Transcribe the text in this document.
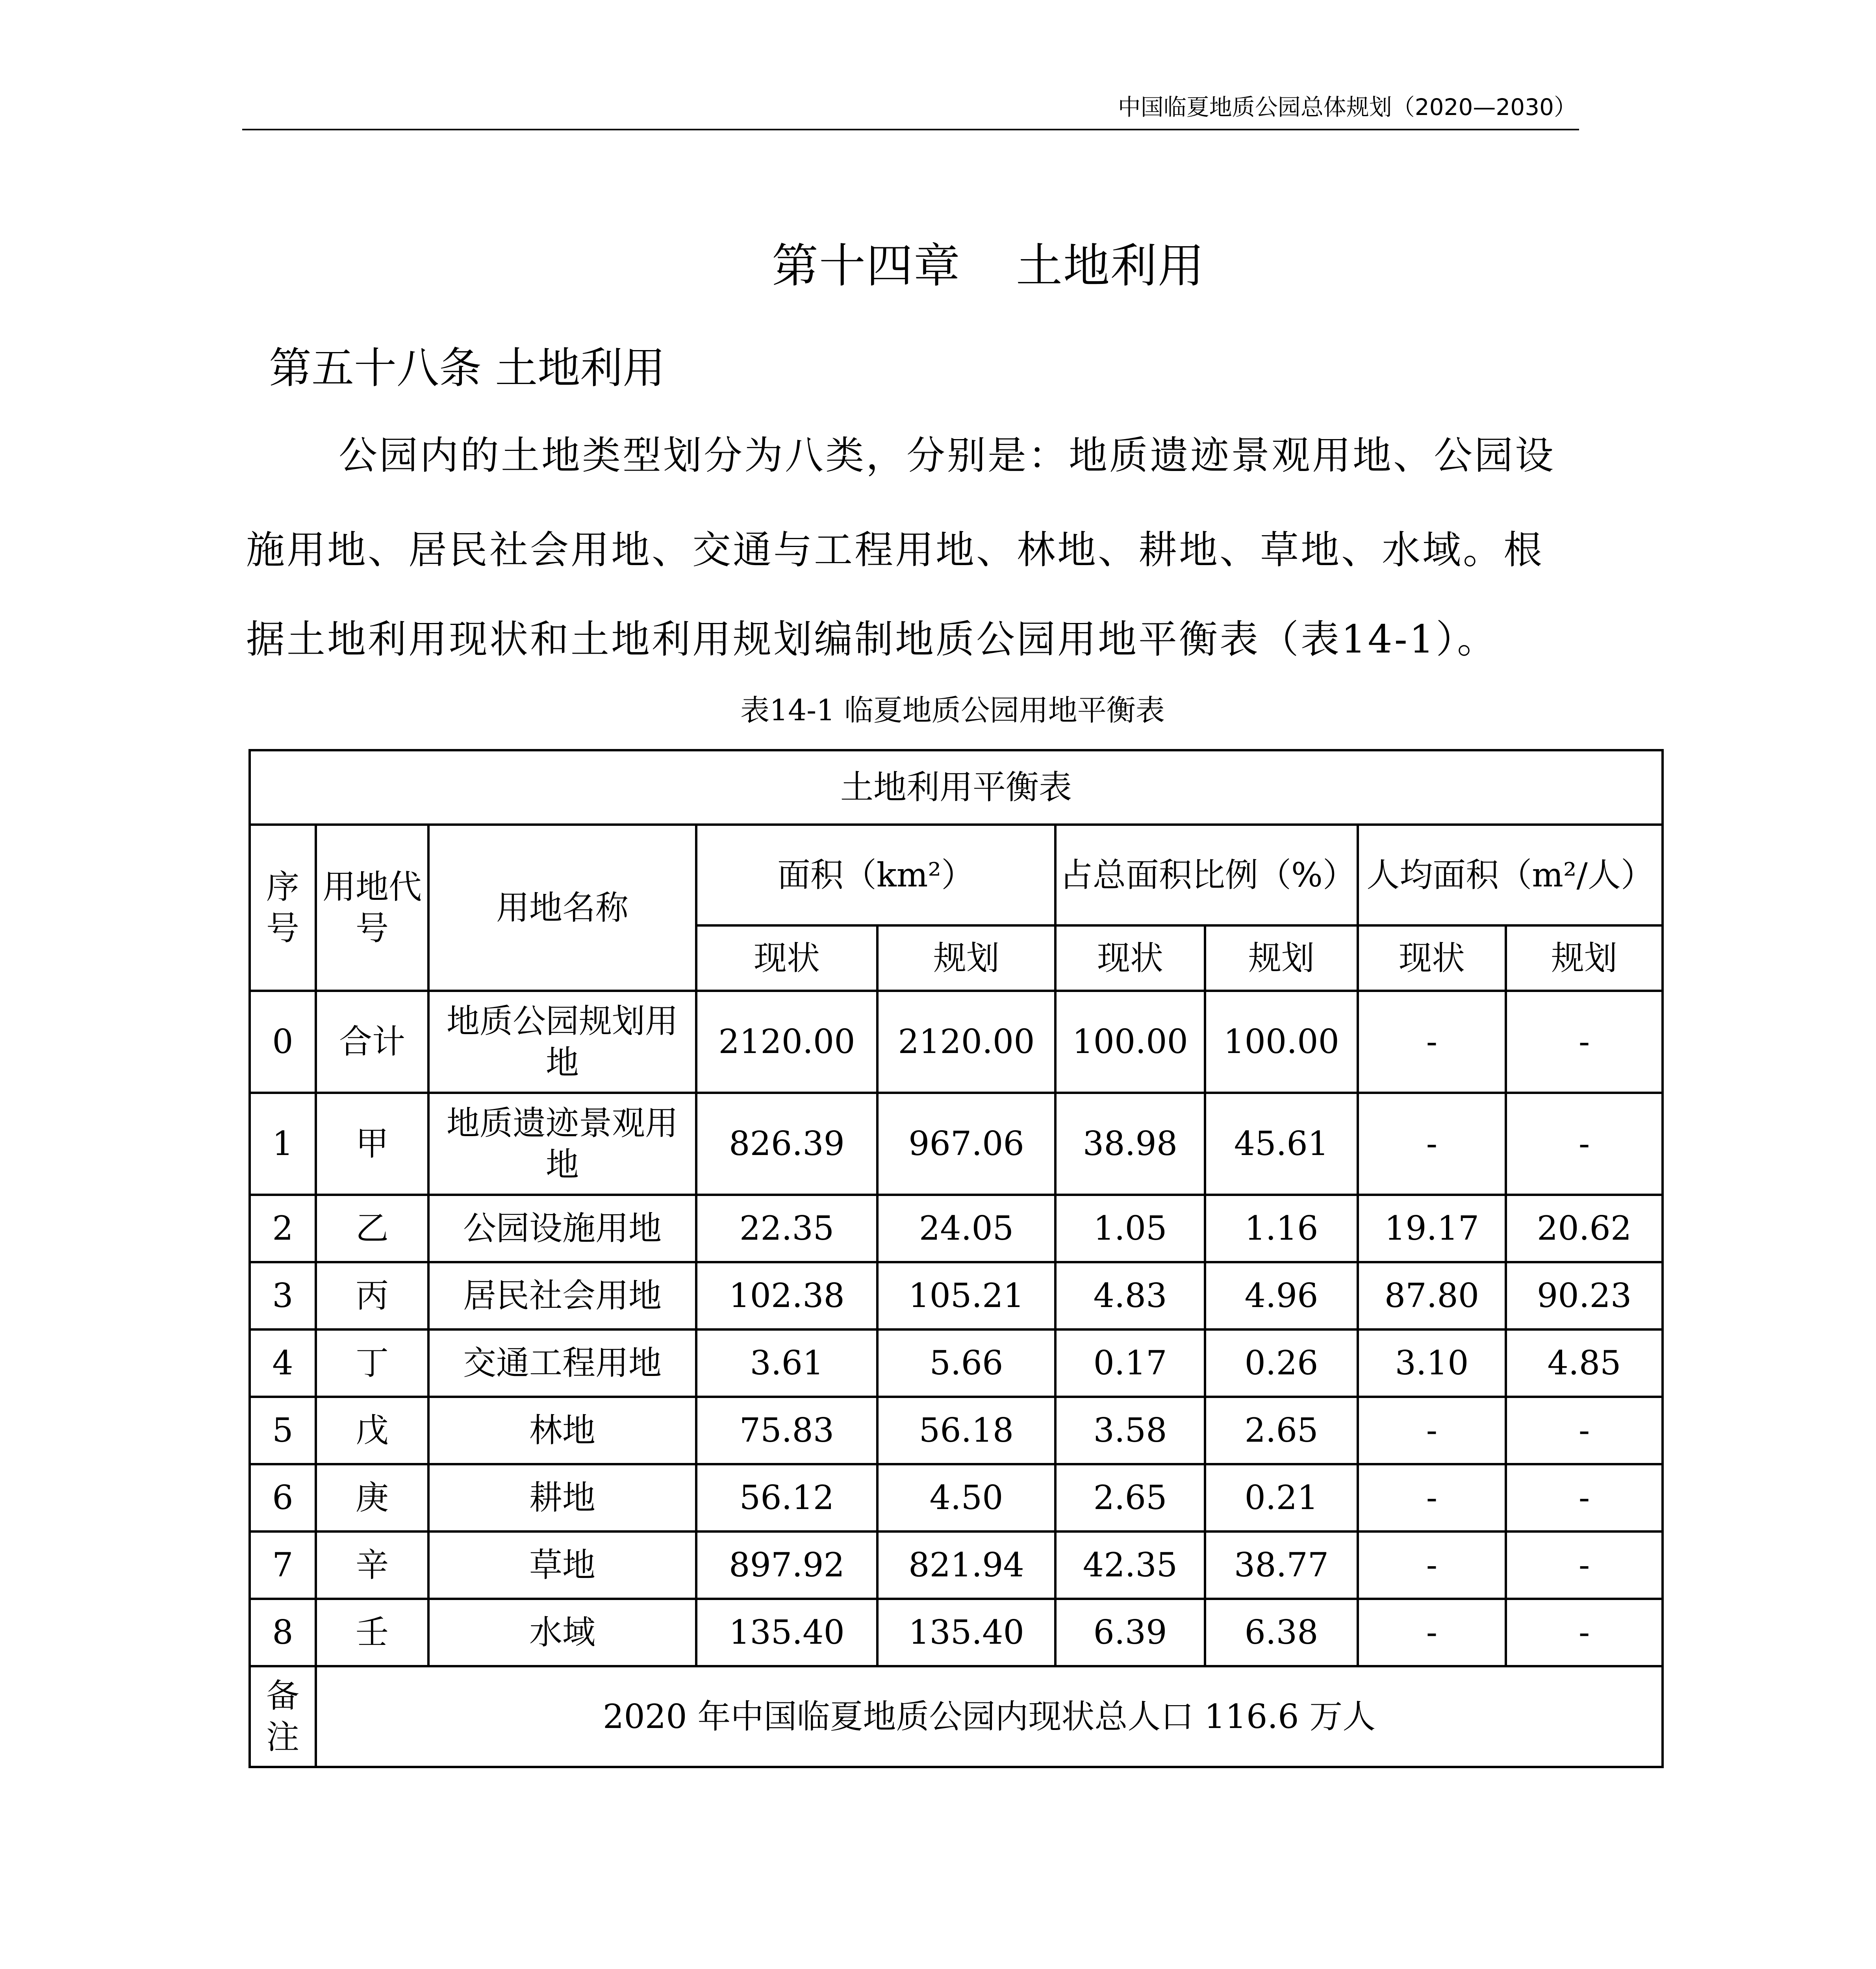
中国临夏地质公园总体规划（2020—2030）
第十四章 土地利用
第五十八条 土地利用
公园内的土地类型划分为八类，分别是：地质遗迹景观用地、公园设
施用地、居民社会用地、交通与工程用地、林地、耕地、草地、水域。根
据土地利用现状和土地利用规划编制地质公园用地平衡表（表14-1）。
表14-1 临夏地质公园用地平衡表
土地利用平衡表								
序号	用地代号	用地名称	面积（km²）		占总面积比例（%）		人均面积（m²/人）	
			现状	规划	现状	规划	现状	规划
0	合计	地质公园规划用地	2120.00	2120.00	100.00	100.00	-	-
1	甲	地质遗迹景观用地	826.39	967.06	38.98	45.61	-	-
2	乙	公园设施用地	22.35	24.05	1.05	1.16	19.17	20.62
3	丙	居民社会用地	102.38	105.21	4.83	4.96	87.80	90.23
4	丁	交通工程用地	3.61	5.66	0.17	0.26	3.10	4.85
5	戊	林地	75.83	56.18	3.58	2.65	-	-
6	庚	耕地	56.12	4.50	2.65	0.21	-	-
7	辛	草地	897.92	821.94	42.35	38.77	-	-
8	壬	水域	135.40	135.40	6.39	6.38	-	-
备注	2020 年中国临夏地质公园内现状总人口 116.6 万人							
